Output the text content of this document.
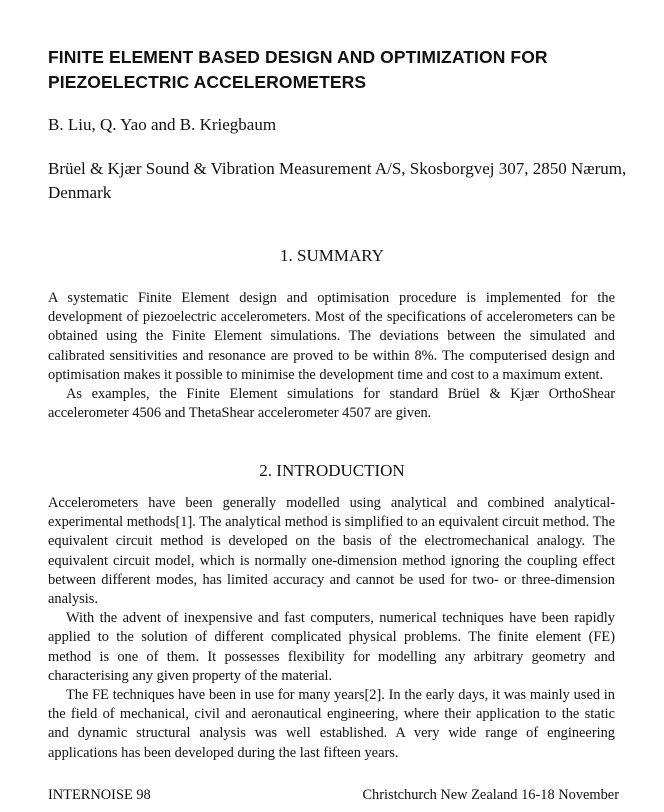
FINITE ELEMENT BASED DESIGN AND OPTIMIZATION FOR PIEZOELECTRIC ACCELEROMETERS
B. Liu, Q. Yao and B. Kriegbaum
Brüel & Kjær Sound & Vibration Measurement A/S, Skosborgvej 307, 2850 Nærum, Denmark
1. SUMMARY

A systematic Finite Element design and optimisation procedure is implemented for the development of piezoelectric accelerometers. Most of the specifications of accelerometers can be obtained using the Finite Element simulations. The deviations between the simulated and calibrated sensitivities and resonance are proved to be within 8%. The computerised design and optimisation makes it possible to minimise the development time and cost to a maximum extent.

As examples, the Finite Element simulations for standard Brüel & Kjær OrthoShear accelerometer 4506 and ThetaShear accelerometer 4507 are given.

2. INTRODUCTION

Accelerometers have been generally modelled using analytical and combined analytical-experimental methods[1]. The analytical method is simplified to an equivalent circuit method. The equivalent circuit method is developed on the basis of the electromechanical analogy. The equivalent circuit model, which is normally one-dimension method ignoring the coupling effect between different modes, has limited accuracy and cannot be used for two- or three-dimension analysis.

With the advent of inexpensive and fast computers, numerical techniques have been rapidly applied to the solution of different complicated physical problems. The finite element (FE) method is one of them. It possesses flexibility for modelling any arbitrary geometry and characterising any given property of the material.

The FE techniques have been in use for many years[2]. In the early days, it was mainly used in the field of mechanical, civil and aeronautical engineering, where their application to the static and dynamic structural analysis was well established. A very wide range of engineering applications has been developed during the last fifteen years.

INTERNOISE 98	Christchurch New Zealand 16-18 November
